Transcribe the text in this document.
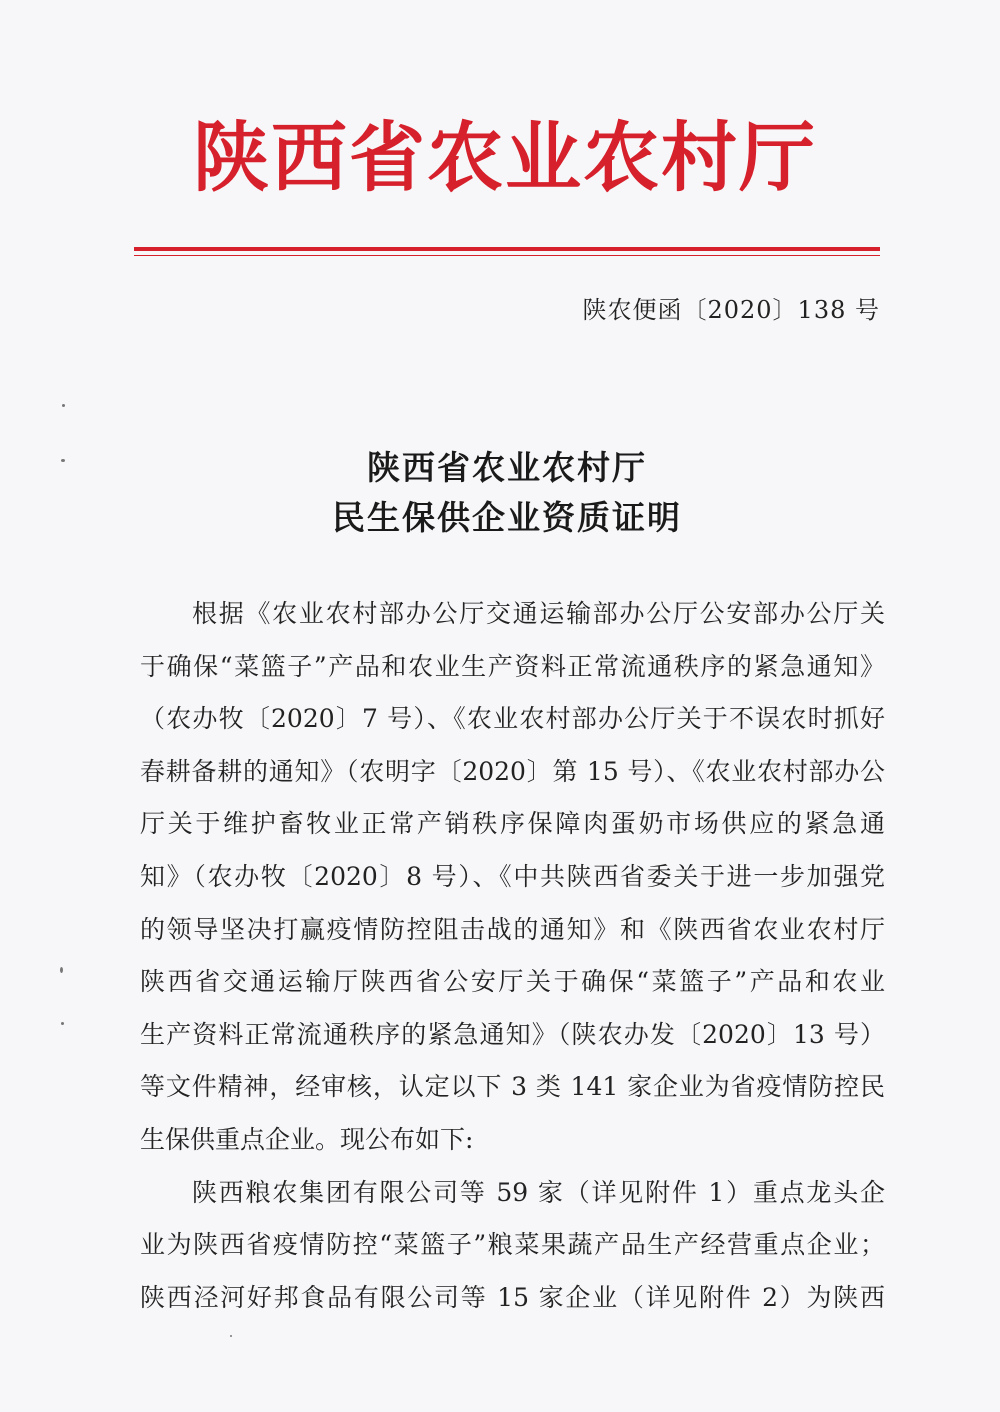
陕西省农业农村厅
陕农便函〔2020〕138 号
陕西省农业农村厅
民生保供企业资质证明
根据《农业农村部办公厅交通运输部办公厅公安部办公厅关
于确保“菜篮子”产品和农业生产资料正常流通秩序的紧急通知》
（农办牧〔2020〕7 号）、《农业农村部办公厅关于不误农时抓好
春耕备耕的通知》（农明字〔2020〕第 15 号）、《农业农村部办公
厅关于维护畜牧业正常产销秩序保障肉蛋奶市场供应的紧急通
知》（农办牧〔2020〕8 号）、《中共陕西省委关于进一步加强党
的领导坚决打赢疫情防控阻击战的通知》和《陕西省农业农村厅
陕西省交通运输厅陕西省公安厅关于确保“菜篮子”产品和农业
生产资料正常流通秩序的紧急通知》（陕农办发〔2020〕13 号）
等文件精神，经审核，认定以下 3 类 141 家企业为省疫情防控民
生保供重点企业。现公布如下:
陕西粮农集团有限公司等 59 家（详见附件 1）重点龙头企
业为陕西省疫情防控“菜篮子”粮菜果蔬产品生产经营重点企业；
陕西泾河好邦食品有限公司等 15 家企业（详见附件 2）为陕西
